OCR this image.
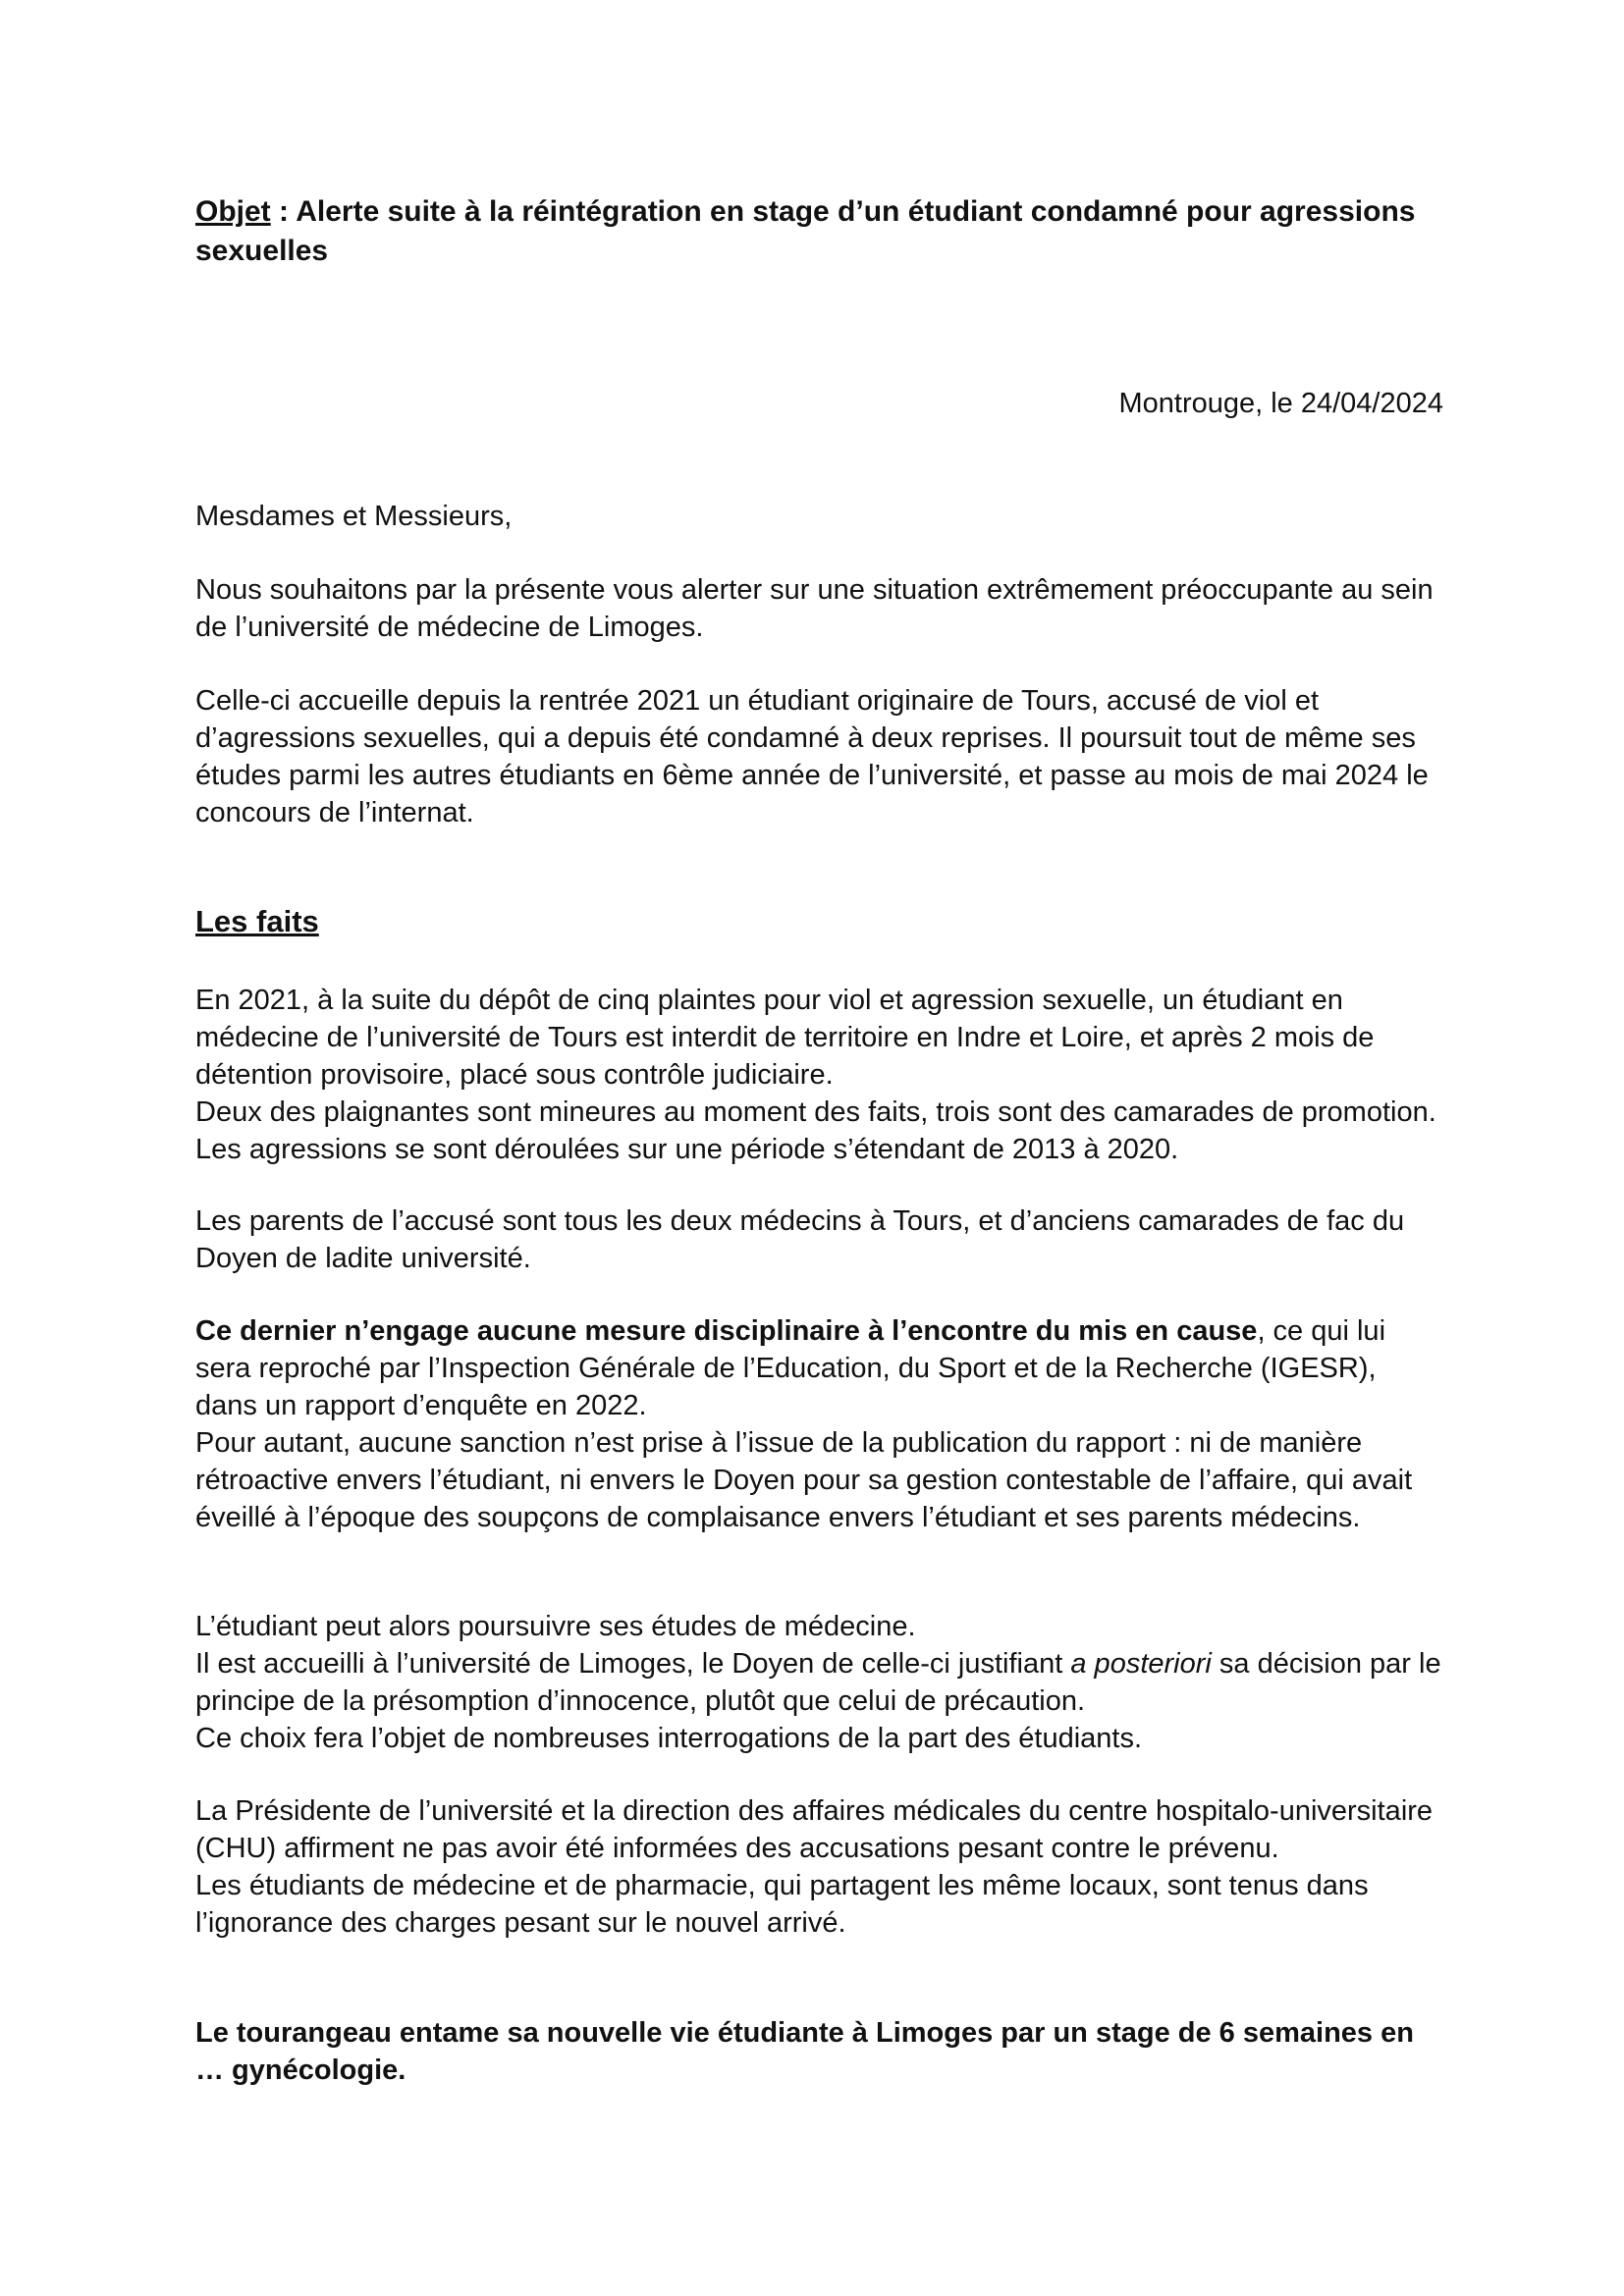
Objet : Alerte suite à la réintégration en stage d’un étudiant condamné pour agressions sexuelles
Montrouge, le 24/04/2024

Mesdames et Messieurs,

Nous souhaitons par la présente vous alerter sur une situation extrêmement préoccupante au sein de l’université de médecine de Limoges.

Celle-ci accueille depuis la rentrée 2021 un étudiant originaire de Tours, accusé de viol et d’agressions sexuelles, qui a depuis été condamné à deux reprises. Il poursuit tout de même ses études parmi les autres étudiants en 6ème année de l’université, et passe au mois de mai 2024 le concours de l’internat.

Les faits

En 2021, à la suite du dépôt de cinq plaintes pour viol et agression sexuelle, un étudiant en médecine de l’université de Tours est interdit de territoire en Indre et Loire, et après 2 mois de détention provisoire, placé sous contrôle judiciaire.

Deux des plaignantes sont mineures au moment des faits, trois sont des camarades de promotion. Les agressions se sont déroulées sur une période s’étendant de 2013 à 2020.

Les parents de l’accusé sont tous les deux médecins à Tours, et d’anciens camarades de fac du Doyen de ladite université.

Ce dernier n’engage aucune mesure disciplinaire à l’encontre du mis en cause, ce qui lui sera reproché par l’Inspection Générale de l’Education, du Sport et de la Recherche (IGESR), dans un rapport d’enquête en 2022.

Pour autant, aucune sanction n’est prise à l’issue de la publication du rapport : ni de manière rétroactive envers l’étudiant, ni envers le Doyen pour sa gestion contestable de l’affaire, qui avait éveillé à l’époque des soupçons de complaisance envers l’étudiant et ses parents médecins.

L’étudiant peut alors poursuivre ses études de médecine.

Il est accueilli à l’université de Limoges, le Doyen de celle-ci justifiant a posteriori sa décision par le principe de la présomption d’innocence, plutôt que celui de précaution.

Ce choix fera l’objet de nombreuses interrogations de la part des étudiants.

La Présidente de l’université et la direction des affaires médicales du centre hospitalo-universitaire (CHU) affirment ne pas avoir été informées des accusations pesant contre le prévenu.

Les étudiants de médecine et de pharmacie, qui partagent les même locaux, sont tenus dans l’ignorance des charges pesant sur le nouvel arrivé.

Le tourangeau entame sa nouvelle vie étudiante à Limoges par un stage de 6 semaines en … gynécologie.
